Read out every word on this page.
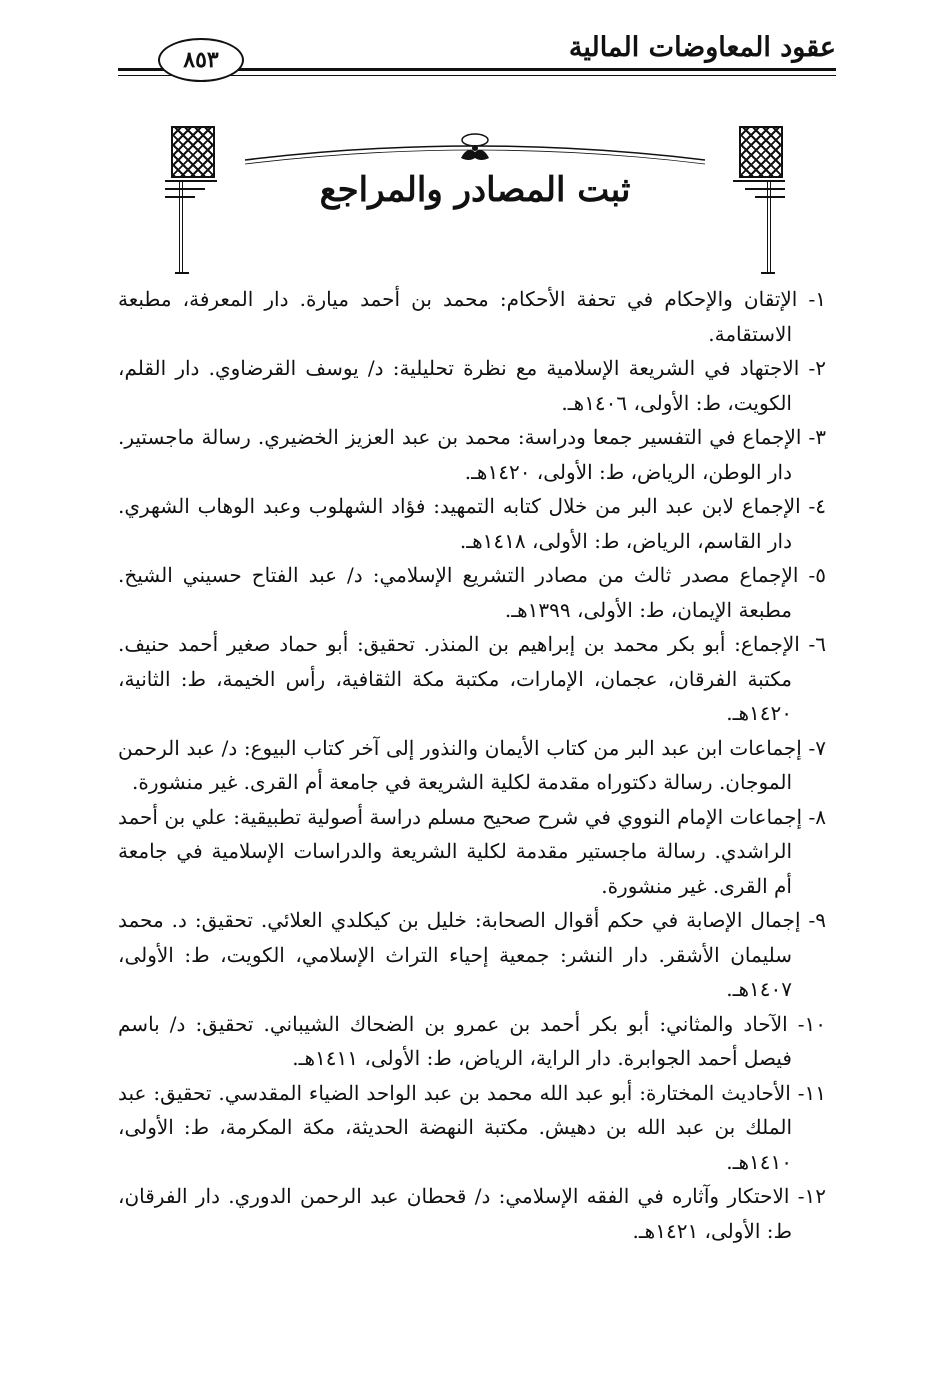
عقود المعاوضات المالية
٨٥٣
ثبت المصادر والمراجع

١- الإتقان والإحكام في تحفة الأحكام: محمد بن أحمد ميارة. دار المعرفة، مطبعة الاستقامة.

٢- الاجتهاد في الشريعة الإسلامية مع نظرة تحليلية: د/ يوسف القرضاوي. دار القلم، الكويت، ط: الأولى، ١٤٠٦هـ.

٣- الإجماع في التفسير جمعا ودراسة: محمد بن عبد العزيز الخضيري. رسالة ماجستير. دار الوطن، الرياض، ط: الأولى، ١٤٢٠هـ.

٤- الإجماع لابن عبد البر من خلال كتابه التمهيد: فؤاد الشهلوب وعبد الوهاب الشهري. دار القاسم، الرياض، ط: الأولى، ١٤١٨هـ.

٥- الإجماع مصدر ثالث من مصادر التشريع الإسلامي: د/ عبد الفتاح حسيني الشيخ. مطبعة الإيمان، ط: الأولى، ١٣٩٩هـ.

٦- الإجماع: أبو بكر محمد بن إبراهيم بن المنذر. تحقيق: أبو حماد صغير أحمد حنيف. مكتبة الفرقان، عجمان، الإمارات، مكتبة مكة الثقافية، رأس الخيمة، ط: الثانية، ١٤٢٠هـ.

٧- إجماعات ابن عبد البر من كتاب الأيمان والنذور إلى آخر كتاب البيوع: د/ عبد الرحمن الموجان. رسالة دكتوراه مقدمة لكلية الشريعة في جامعة أم القرى. غير منشورة.

٨- إجماعات الإمام النووي في شرح صحيح مسلم دراسة أصولية تطبيقية: علي بن أحمد الراشدي. رسالة ماجستير مقدمة لكلية الشريعة والدراسات الإسلامية في جامعة أم القرى. غير منشورة.

٩- إجمال الإصابة في حكم أقوال الصحابة: خليل بن كيكلدي العلائي. تحقيق: د. محمد سليمان الأشقر. دار النشر: جمعية إحياء التراث الإسلامي، الكويت، ط: الأولى، ١٤٠٧هـ.

١٠- الآحاد والمثاني: أبو بكر أحمد بن عمرو بن الضحاك الشيباني. تحقيق: د/ باسم فيصل أحمد الجوابرة. دار الراية، الرياض، ط: الأولى، ١٤١١هـ.

١١- الأحاديث المختارة: أبو عبد الله محمد بن عبد الواحد الضياء المقدسي. تحقيق: عبد الملك بن عبد الله بن دهيش. مكتبة النهضة الحديثة، مكة المكرمة، ط: الأولى، ١٤١٠هـ.

١٢- الاحتكار وآثاره في الفقه الإسلامي: د/ قحطان عبد الرحمن الدوري. دار الفرقان، ط: الأولى، ١٤٢١هـ.
